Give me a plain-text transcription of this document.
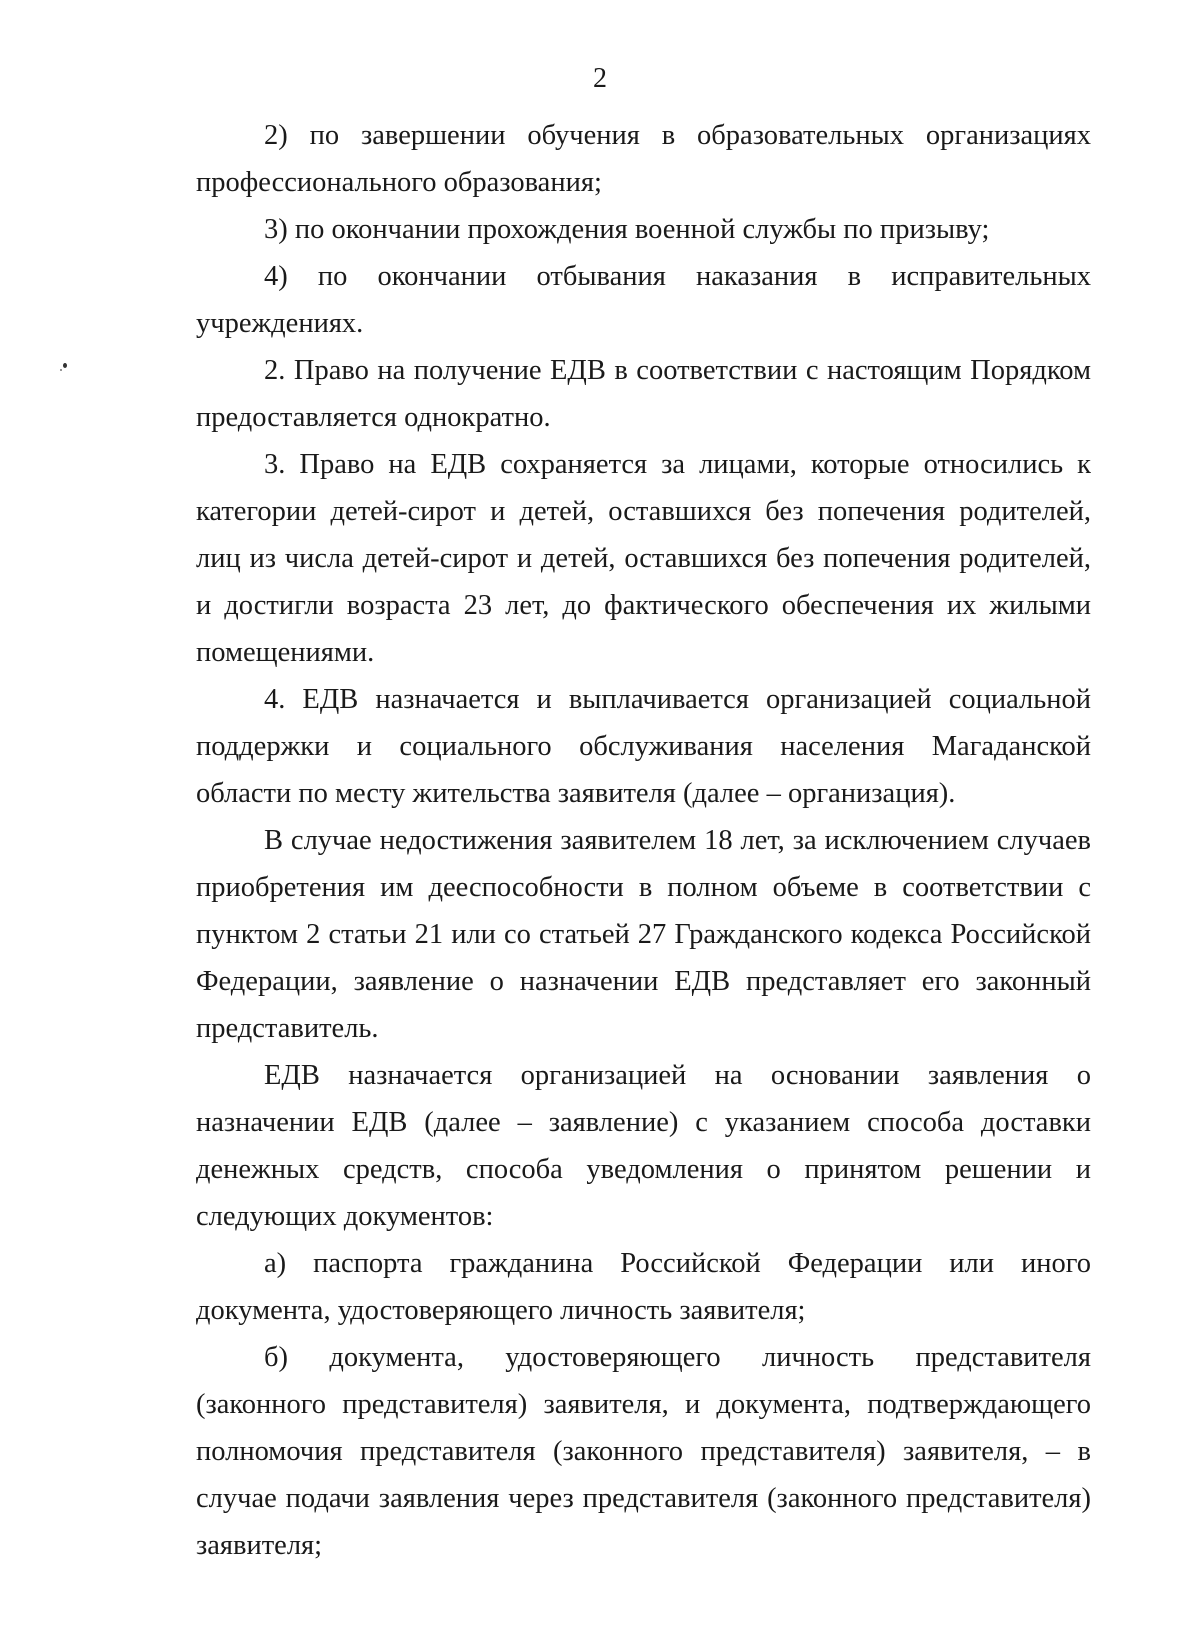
2

2) по завершении обучения в образовательных организациях профессионального образования;

3) по окончании прохождения военной службы по призыву;

4) по окончании отбывания наказания в исправительных учреждениях.

2. Право на получение ЕДВ в соответствии с настоящим Порядком предоставляется однократно.

3. Право на ЕДВ сохраняется за лицами, которые относились к категории детей-сирот и детей, оставшихся без попечения родителей, лиц из числа детей-сирот и детей, оставшихся без попечения родителей, и достигли возраста 23 лет, до фактического обеспечения их жилыми помещениями.

4. ЕДВ назначается и выплачивается организацией социальной поддержки и социального обслуживания населения Магаданской области по месту жительства заявителя (далее – организация).

В случае недостижения заявителем 18 лет, за исключением случаев приобретения им дееспособности в полном объеме в соответствии с пунктом 2 статьи 21 или со статьей 27 Гражданского кодекса Российской Федерации, заявление о назначении ЕДВ представляет его законный представитель.

ЕДВ назначается организацией на основании заявления о назначении ЕДВ (далее – заявление) с указанием способа доставки денежных средств, способа уведомления о принятом решении и следующих документов:

а) паспорта гражданина Российской Федерации или иного документа, удостоверяющего личность заявителя;

б) документа, удостоверяющего личность представителя (законного представителя) заявителя, и документа, подтверждающего полномочия представителя (законного представителя) заявителя, – в случае подачи заявления через представителя (законного представителя) заявителя;
